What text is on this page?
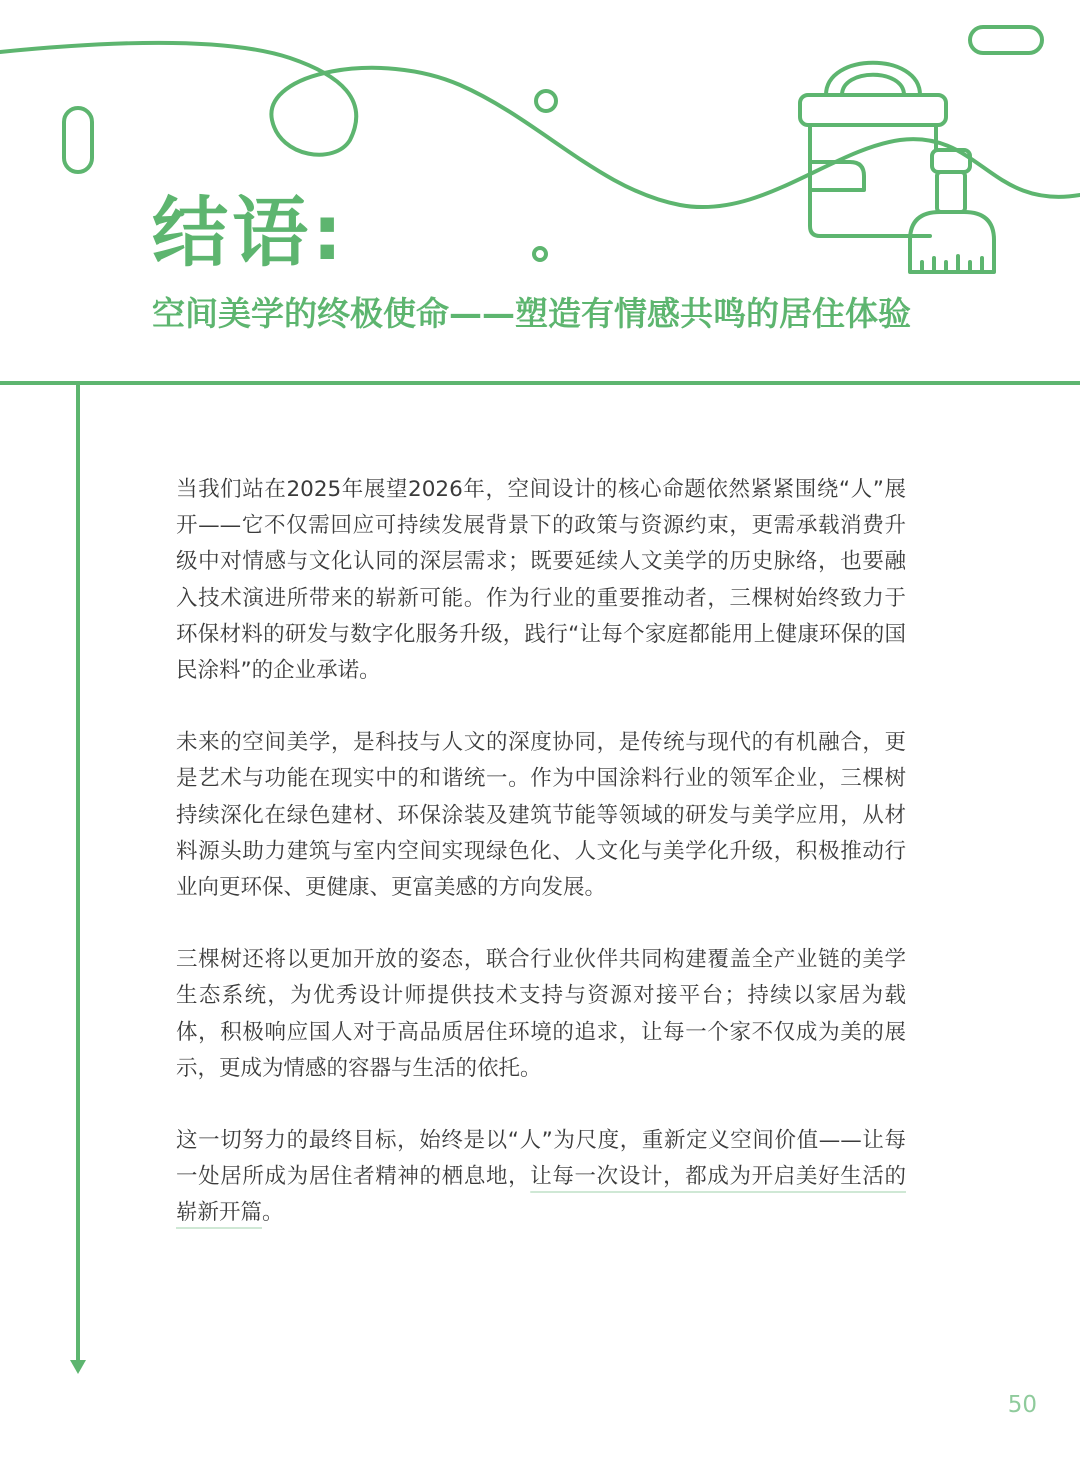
结语:
空间美学的终极使命——塑造有情感共鸣的居住体验

当我们站在2025年展望2026年，空间设计的核心命题依然紧紧围绕“人”展开——它不仅需回应可持续发展背景下的政策与资源约束，更需承载消费升级中对情感与文化认同的深层需求；既要延续人文美学的历史脉络，也要融入技术演进所带来的崭新可能。作为行业的重要推动者，三棵树始终致力于环保材料的研发与数字化服务升级，践行“让每个家庭都能用上健康环保的国民涂料”的企业承诺。

未来的空间美学，是科技与人文的深度协同，是传统与现代的有机融合，更是艺术与功能在现实中的和谐统一。作为中国涂料行业的领军企业，三棵树持续深化在绿色建材、环保涂装及建筑节能等领域的研发与美学应用，从材料源头助力建筑与室内空间实现绿色化、人文化与美学化升级，积极推动行业向更环保、更健康、更富美感的方向发展。

三棵树还将以更加开放的姿态，联合行业伙伴共同构建覆盖全产业链的美学生态系统，为优秀设计师提供技术支持与资源对接平台；持续以家居为载体，积极响应国人对于高品质居住环境的追求，让每一个家不仅成为美的展示，更成为情感的容器与生活的依托。

这一切努力的最终目标，始终是以“人”为尺度，重新定义空间价值——让每一处居所成为居住者精神的栖息地，让每一次设计，都成为开启美好生活的崭新开篇。

50
